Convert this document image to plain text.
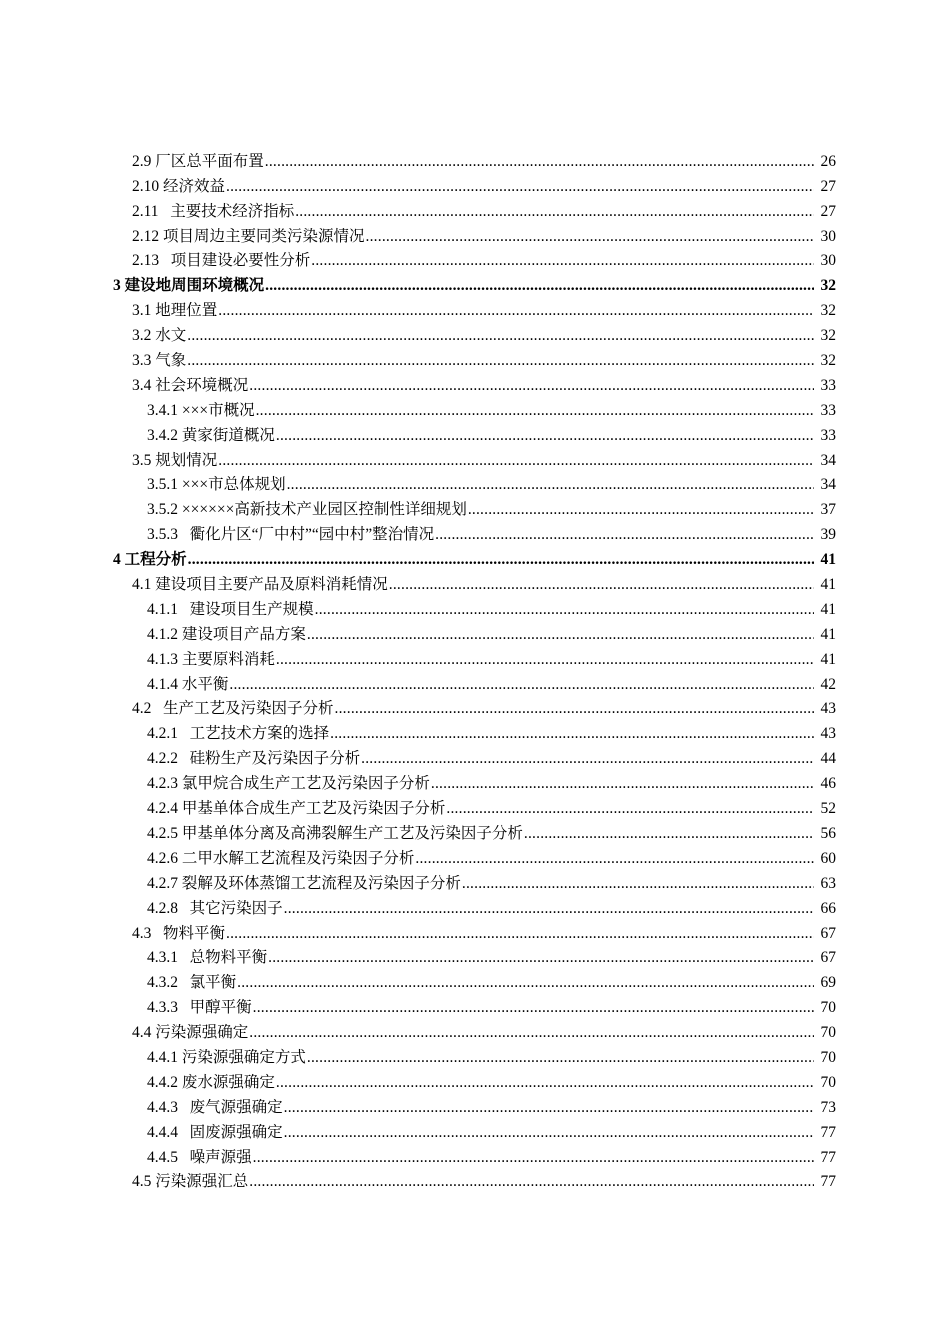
2.9 厂区总平面布置 .....	26
2.10 经济效益 .....	27
2.11 主要技术经济指标 .....	27
2.12 项目周边主要同类污染源情况 .....	30
2.13 项目建设必要性分析 .....	30
3 建设地周围环境概况 .....	32
3.1 地理位置 .....	32
3.2 水文 .....	32
3.3 气象 .....	32
3.4 社会环境概况 .....	33
3.4.1 ×××市概况 .....	33
3.4.2 黄家街道概况 .....	33
3.5 规划情况 .....	34
3.5.1 ×××市总体规划 .....	34
3.5.2 ××××××高新技术产业园区控制性详细规划 .....	37
3.5.3 衢化片区“厂中村”“园中村”整治情况 .....	39
4 工程分析 .....	41
4.1 建设项目主要产品及原料消耗情况 .....	41
4.1.1 建设项目生产规模 .....	41
4.1.2 建设项目产品方案 .....	41
4.1.3 主要原料消耗 .....	41
4.1.4 水平衡 .....	42
4.2 生产工艺及污染因子分析 .....	43
4.2.1 工艺技术方案的选择 .....	43
4.2.2 硅粉生产及污染因子分析 .....	44
4.2.3 氯甲烷合成生产工艺及污染因子分析 .....	46
4.2.4 甲基单体合成生产工艺及污染因子分析 .....	52
4.2.5 甲基单体分离及高沸裂解生产工艺及污染因子分析 .....	56
4.2.6 二甲水解工艺流程及污染因子分析 .....	60
4.2.7 裂解及环体蒸馏工艺流程及污染因子分析 .....	63
4.2.8 其它污染因子 .....	66
4.3 物料平衡 .....	67
4.3.1 总物料平衡 .....	67
4.3.2 氯平衡 .....	69
4.3.3 甲醇平衡 .....	70
4.4 污染源强确定 .....	70
4.4.1 污染源强确定方式 .....	70
4.4.2 废水源强确定 .....	70
4.4.3 废气源强确定 .....	73
4.4.4 固废源强确定 .....	77
4.4.5 噪声源强 .....	77
4.5 污染源强汇总 .....	77
